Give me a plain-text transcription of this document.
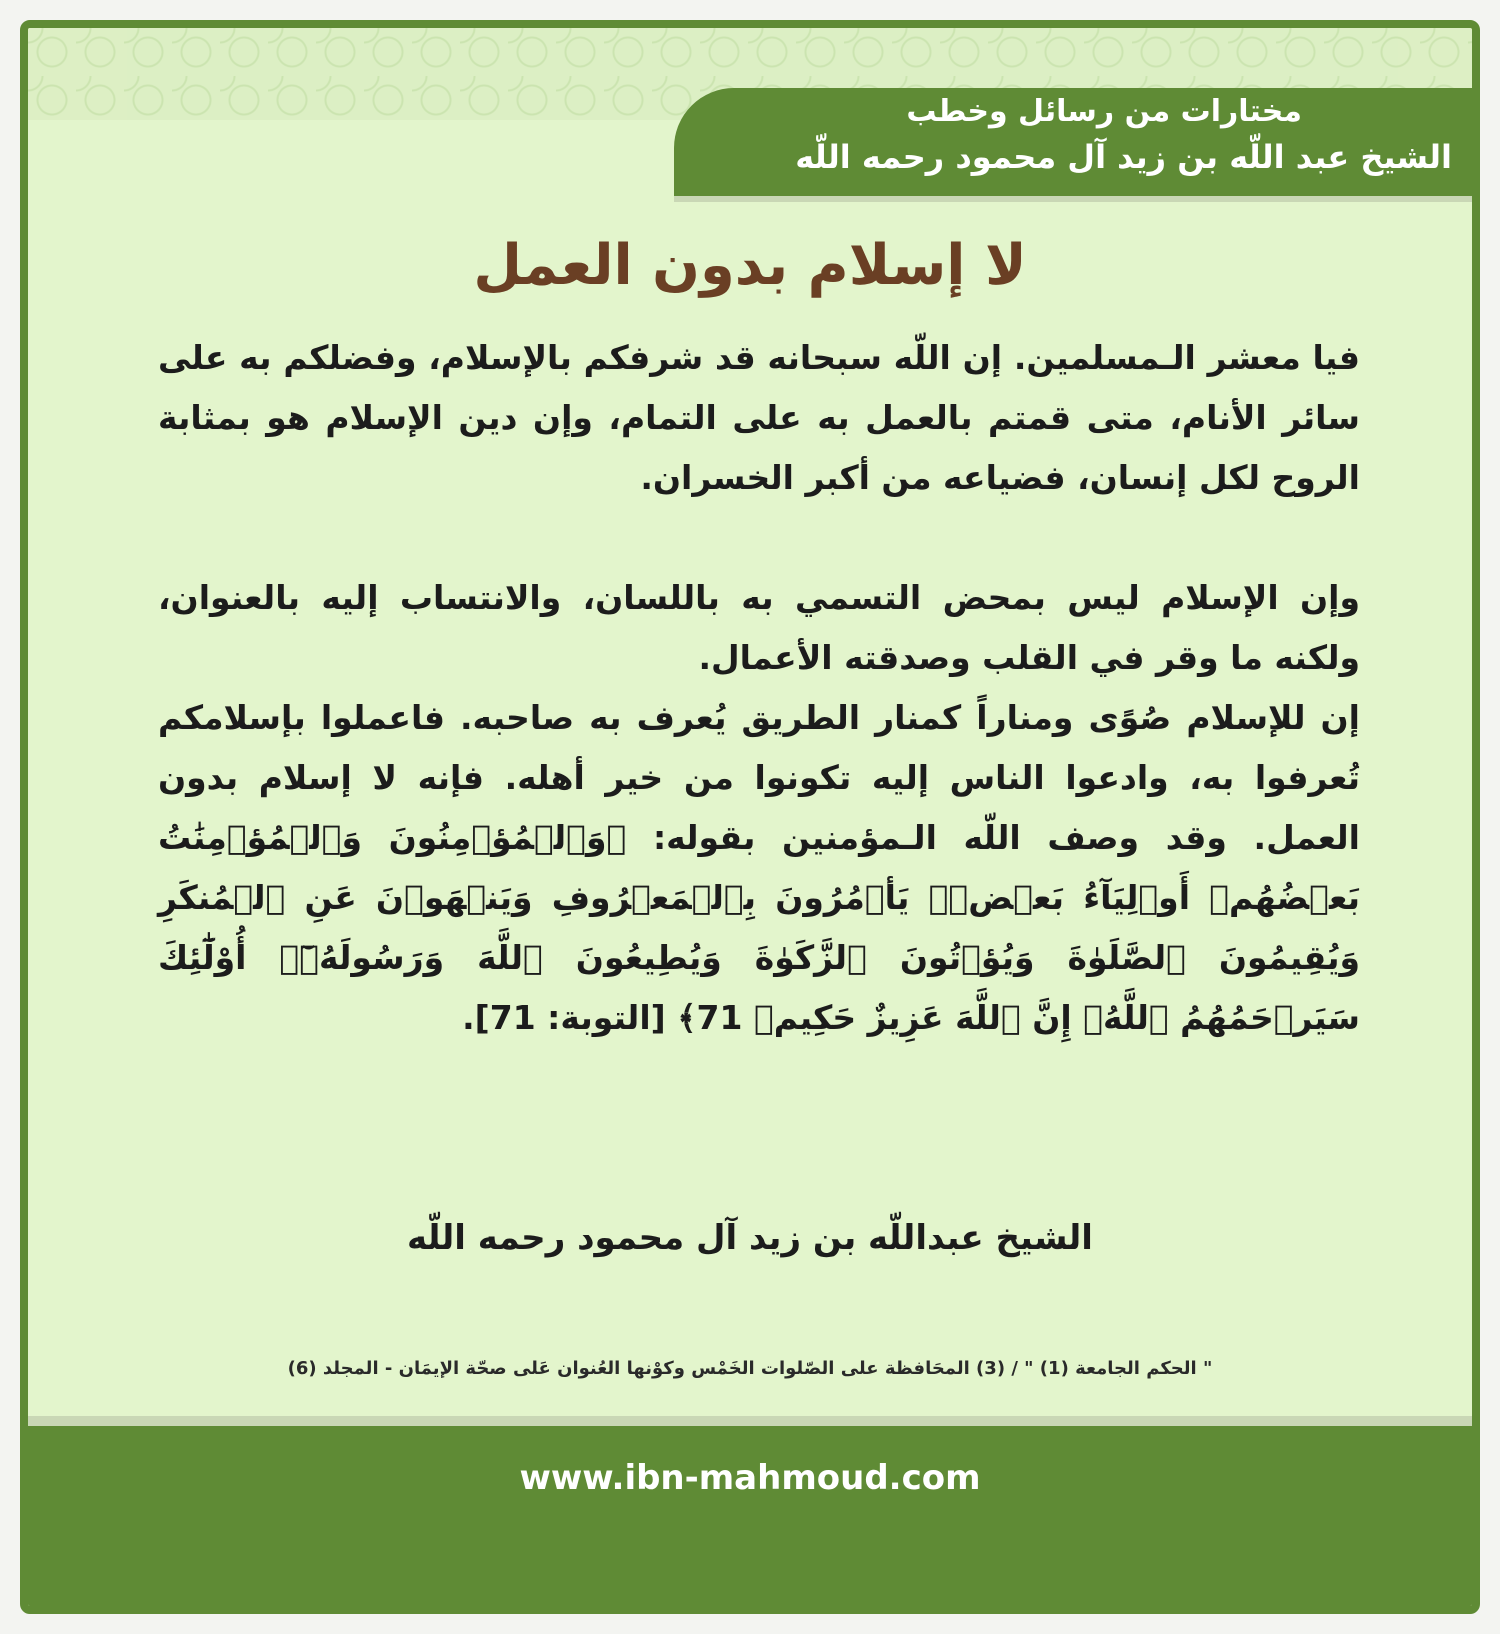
مختارات من رسائل وخطب
الشيخ عبد اللّه بن زيد آل محمود رحمه اللّه
لا إسلام بدون العمل

فيا معشر الـمسلمين. إن اللّه سبحانه قد شرفكم بالإسلام، وفضلكم به على سائر الأنام، متى قمتم بالعمل به على التمام، وإن دين الإسلام هو بمثابة الروح لكل إنسان، فضياعه من أكبر الخسران.

وإن الإسلام ليس بمحض التسمي به باللسان، والانتساب إليه بالعنوان، ولكنه ما وقر في القلب وصدقته الأعمال.

إن للإسلام صُوًى ومناراً كمنار الطريق يُعرف به صاحبه. فاعملوا بإسلامكم تُعرفوا به، وادعوا الناس إليه تكونوا من خير أهله. فإنه لا إسلام بدون العمل. وقد وصف اللّه الـمؤمنين بقوله: ﴿وَٱلۡمُؤۡمِنُونَ وَٱلۡمُؤۡمِنَٰتُ بَعۡضُهُمۡ أَوۡلِيَآءُ بَعۡضٖۚ يَأۡمُرُونَ بِٱلۡمَعۡرُوفِ وَيَنۡهَوۡنَ عَنِ ٱلۡمُنكَرِ وَيُقِيمُونَ ٱلصَّلَوٰةَ وَيُؤۡتُونَ ٱلزَّكَوٰةَ وَيُطِيعُونَ ٱللَّهَ وَرَسُولَهُۥٓۚ أُوْلَٰٓئِكَ سَيَرۡحَمُهُمُ ٱللَّهُۗ إِنَّ ٱللَّهَ عَزِيزٌ حَكِيمٞ 71﴾ [التوبة: 71].

الشيخ عبداللّه بن زيد آل محمود رحمه اللّه
" الحكم الجامعة (1) " / (3) المحَافظة على الصّلوات الخَمْس وكوْنها العُنوان عَلى صحّة الإيمَان - المجلد (6)
www.ibn-mahmoud.com
